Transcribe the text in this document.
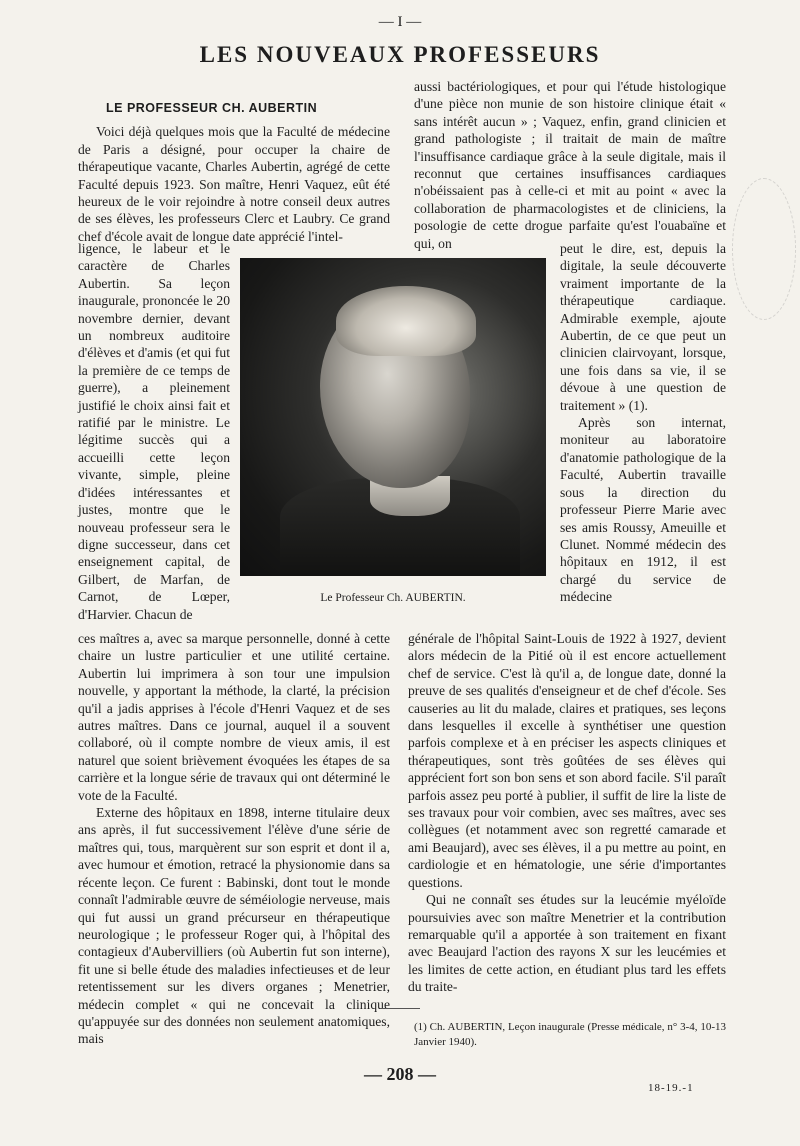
— I —
LES NOUVEAUX PROFESSEURS

LE PROFESSEUR CH. AUBERTIN

Voici déjà quelques mois que la Faculté de médecine de Paris a désigné, pour occuper la chaire de thérapeutique vacante, Charles Aubertin, agrégé de cette Faculté depuis 1923. Son maître, Henri Vaquez, eût été heureux de le voir rejoindre à notre conseil deux autres de ses élèves, les professeurs Clerc et Laubry. Ce grand chef d'école avait de longue date apprécié l'intel-

aussi bactériologiques, et pour qui l'étude histologique d'une pièce non munie de son histoire clinique était « sans intérêt aucun » ; Vaquez, enfin, grand clinicien et grand pathologiste ; il traitait de main de maître l'insuffisance cardiaque grâce à la seule digitale, mais il reconnut que certaines insuffisances cardiaques n'obéissaient pas à celle-ci et mit au point « avec la collaboration de pharmacologistes et de cliniciens, la posologie de cette drogue parfaite qu'est l'ouabaïne et qui, on

ligence, le labeur et le caractère de Charles Aubertin. Sa leçon inaugurale, prononcée le 20 novembre dernier, devant un nombreux auditoire d'élèves et d'amis (et qui fut la première de ce temps de guerre), a pleinement justifié le choix ainsi fait et ratifié par le ministre. Le légitime succès qui a accueilli cette leçon vivante, simple, pleine d'idées intéressantes et justes, montre que le nouveau professeur sera le digne successeur, dans cet enseignement capital, de Gilbert, de Marfan, de Carnot, de Lœper, d'Harvier. Chacun de

peut le dire, est, depuis la digitale, la seule découverte vraiment importante de la thérapeutique cardiaque. Admirable exemple, ajoute Aubertin, de ce que peut un clinicien clairvoyant, lorsque, une fois dans sa vie, il se dévoue à une question de traitement » (1).

Après son internat, moniteur au laboratoire d'anatomie pathologique de la Faculté, Aubertin travaille sous la direction du professeur Pierre Marie avec ses amis Roussy, Ameuille et Clunet. Nommé médecin des hôpitaux en 1912, il est chargé du service de médecine

Le Professeur Ch. AUBERTIN.

ces maîtres a, avec sa marque personnelle, donné à cette chaire un lustre particulier et une utilité certaine. Aubertin lui imprimera à son tour une impulsion nouvelle, y apportant la méthode, la clarté, la précision qu'il a jadis apprises à l'école d'Henri Vaquez et de ses autres maîtres. Dans ce journal, auquel il a souvent collaboré, où il compte nombre de vieux amis, il est naturel que soient brièvement évoquées les étapes de sa carrière et la longue série de travaux qui ont déterminé le vote de la Faculté.

Externe des hôpitaux en 1898, interne titulaire deux ans après, il fut successivement l'élève d'une série de maîtres qui, tous, marquèrent sur son esprit et dont il a, avec humour et émotion, retracé la physionomie dans sa récente leçon. Ce furent : Babinski, dont tout le monde connaît l'admirable œuvre de séméiologie nerveuse, mais qui fut aussi un grand précurseur en thérapeutique neurologique ; le professeur Roger qui, à l'hôpital des contagieux d'Aubervilliers (où Aubertin fut son interne), fit une si belle étude des maladies infectieuses et de leur retentissement sur les divers organes ; Menetrier, médecin complet « qui ne concevait la clinique qu'appuyée sur des données non seulement anatomiques, mais

générale de l'hôpital Saint-Louis de 1922 à 1927, devient alors médecin de la Pitié où il est encore actuellement chef de service. C'est là qu'il a, de longue date, donné la preuve de ses qualités d'enseigneur et de chef d'école. Ses causeries au lit du malade, claires et pratiques, ses leçons dans lesquelles il excelle à synthétiser une question parfois complexe et à en préciser les aspects cliniques et thérapeutiques, sont très goûtées de ses élèves qui apprécient fort son bon sens et son abord facile. S'il paraît parfois assez peu porté à publier, il suffit de lire la liste de ses travaux pour voir combien, avec ses maîtres, avec ses collègues (et notamment avec son regretté camarade et ami Beaujard), avec ses élèves, il a pu mettre au point, en cardiologie et en hématologie, une série d'importantes questions.

Qui ne connaît ses études sur la leucémie myéloïde poursuivies avec son maître Menetrier et la contribution remarquable qu'il a apportée à son traitement en fixant avec Beaujard l'action des rayons X sur les leucémies et les limites de cette action, en étudiant plus tard les effets du traite-

(1) Ch. AUBERTIN, Leçon inaugurale (Presse médicale, n° 3-4, 10-13 Janvier 1940).
— 208 —
18-19.-1
